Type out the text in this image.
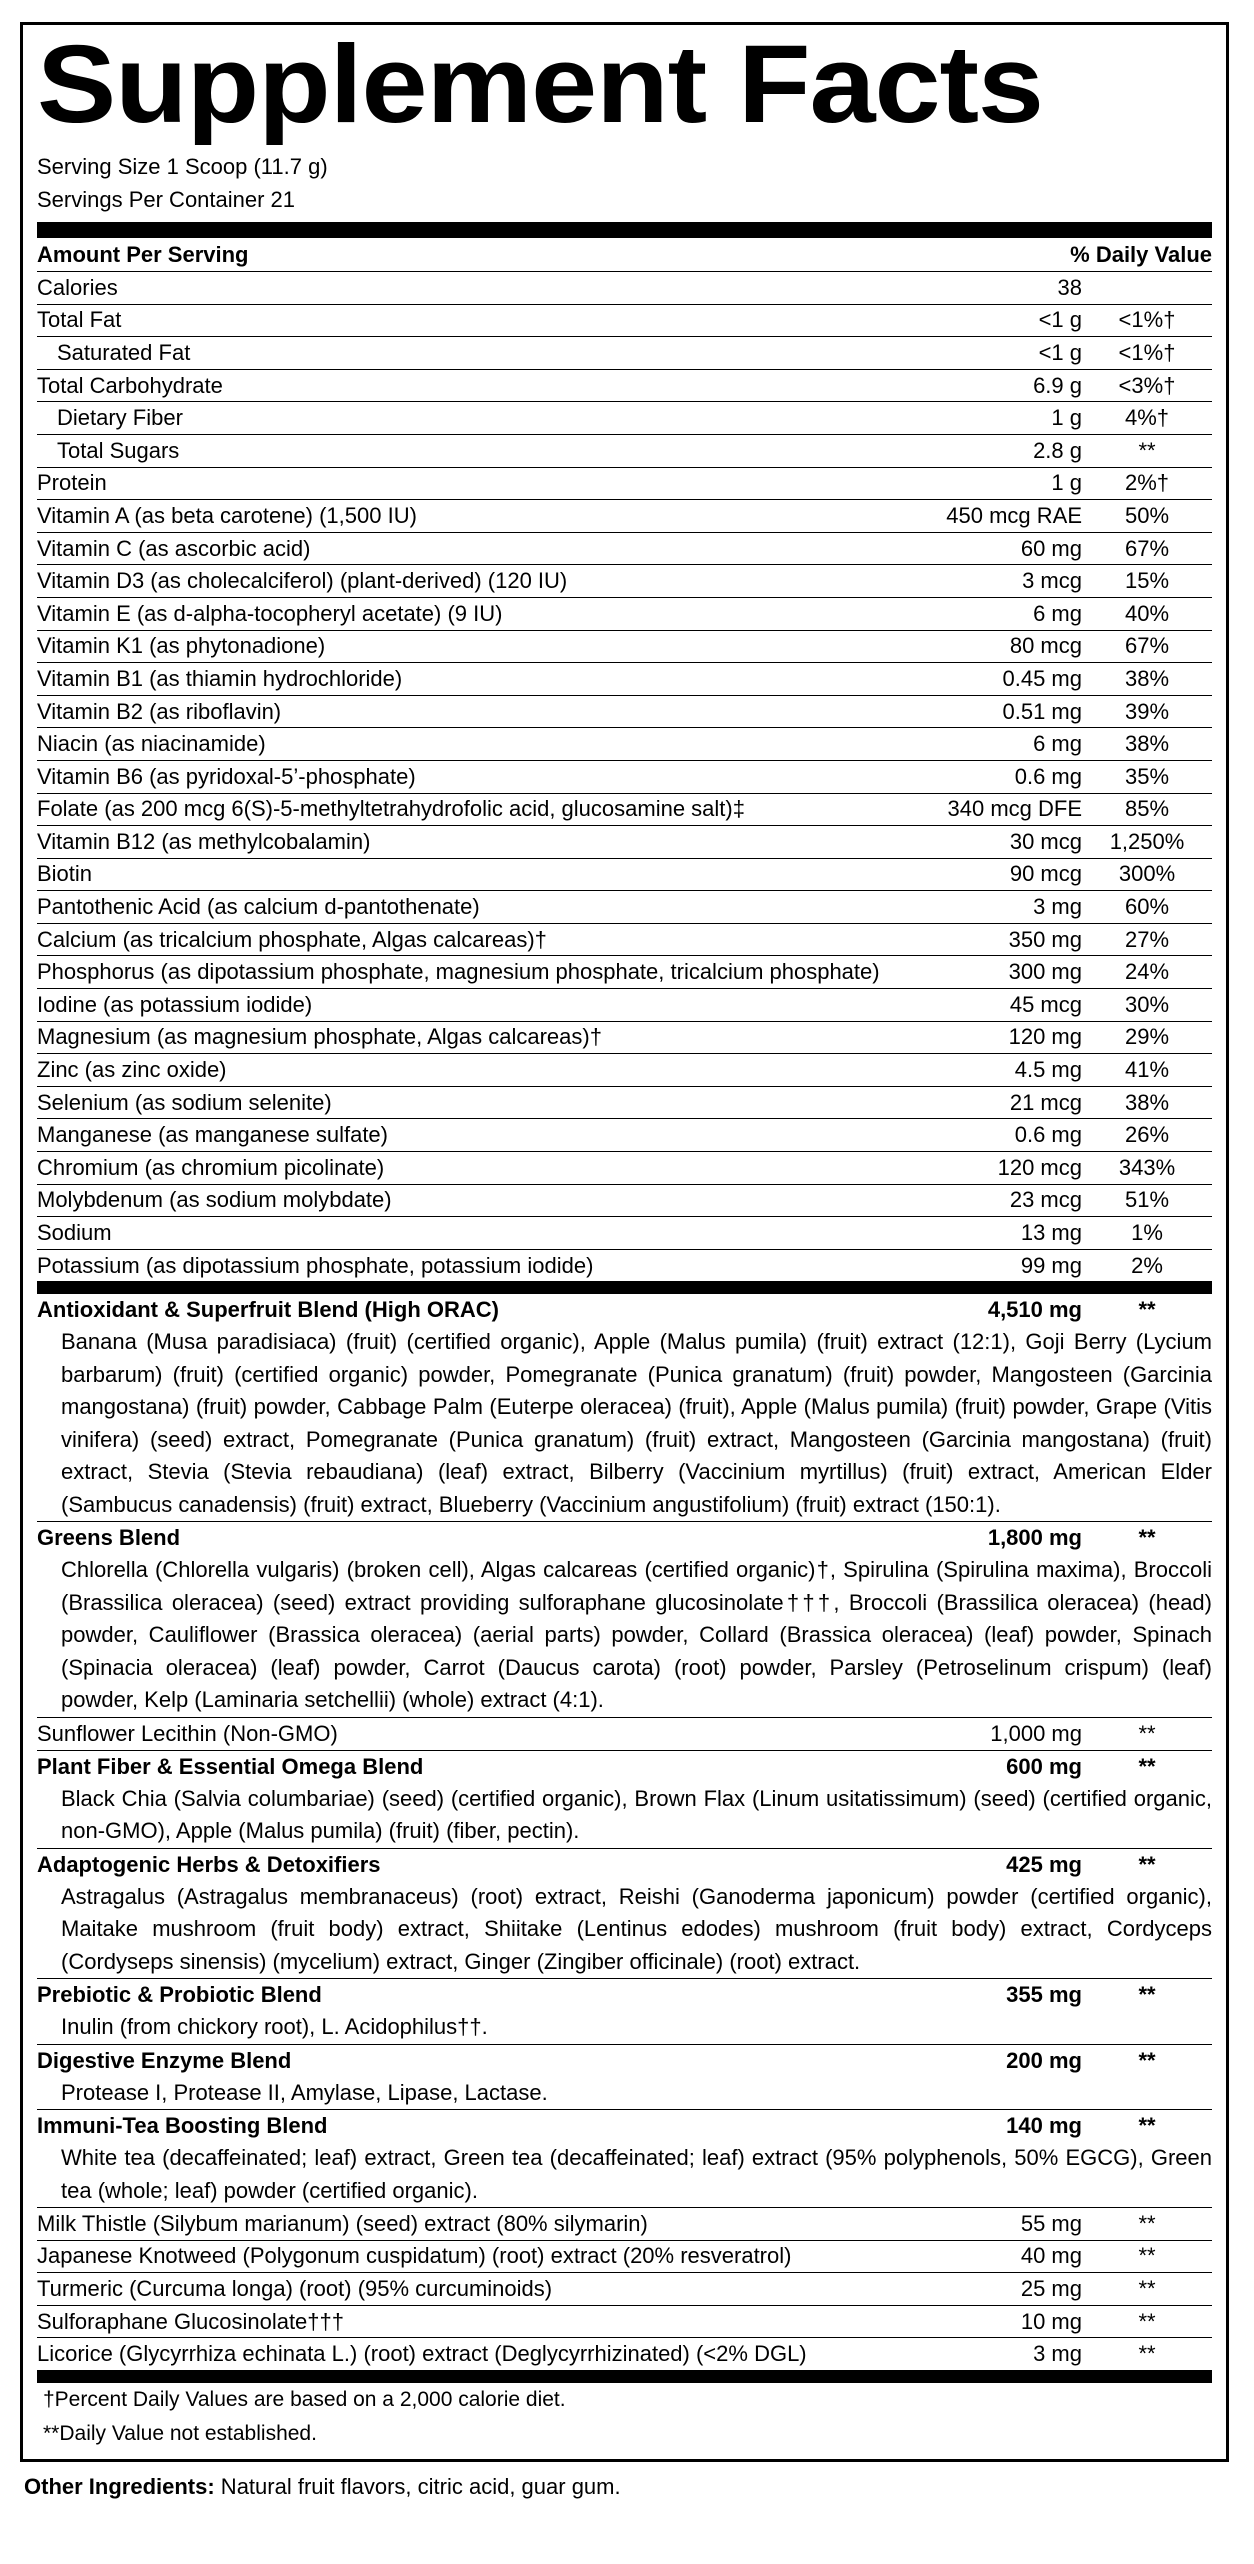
Supplement Facts
Serving Size 1 Scoop (11.7 g)
Servings Per Container 21
Amount Per Serving	% Daily Value
Calories	38
Total Fat	<1 g	<1%†
Saturated Fat	<1 g	<1%†
Total Carbohydrate	6.9 g	<3%†
Dietary Fiber	1 g	4%†
Total Sugars	2.8 g	**
Protein	1 g	2%†
Vitamin A (as beta carotene) (1,500 IU)	450 mcg RAE	50%
Vitamin C (as ascorbic acid)	60 mg	67%
Vitamin D3 (as cholecalciferol) (plant-derived) (120 IU)	3 mcg	15%
Vitamin E (as d-alpha-tocopheryl acetate) (9 IU)	6 mg	40%
Vitamin K1 (as phytonadione)	80 mcg	67%
Vitamin B1 (as thiamin hydrochloride)	0.45 mg	38%
Vitamin B2 (as riboflavin)	0.51 mg	39%
Niacin (as niacinamide)	6 mg	38%
Vitamin B6 (as pyridoxal-5’-phosphate)	0.6 mg	35%
Folate (as 200 mcg 6(S)-5-methyltetrahydrofolic acid, glucosamine salt)‡	340 mcg DFE	85%
Vitamin B12 (as methylcobalamin)	30 mcg	1,250%
Biotin	90 mcg	300%
Pantothenic Acid (as calcium d-pantothenate)	3 mg	60%
Calcium (as tricalcium phosphate, Algas calcareas)†	350 mg	27%
Phosphorus (as dipotassium phosphate, magnesium phosphate, tricalcium phosphate)	300 mg	24%
Iodine (as potassium iodide)	45 mcg	30%
Magnesium (as magnesium phosphate, Algas calcareas)†	120 mg	29%
Zinc (as zinc oxide)	4.5 mg	41%
Selenium (as sodium selenite)	21 mcg	38%
Manganese (as manganese sulfate)	0.6 mg	26%
Chromium (as chromium picolinate)	120 mcg	343%
Molybdenum (as sodium molybdate)	23 mcg	51%
Sodium	13 mg	1%
Potassium (as dipotassium phosphate, potassium iodide)	99 mg	2%
Antioxidant & Superfruit Blend (High ORAC)	4,510 mg	**
Banana (Musa paradisiaca) (fruit) (certified organic), Apple (Malus pumila) (fruit) extract (12:1), Goji Berry (Lycium barbarum) (fruit) (certified organic) powder, Pomegranate (Punica granatum) (fruit) powder, Mangosteen (Garcinia mangostana) (fruit) powder, Cabbage Palm (Euterpe oleracea) (fruit), Apple (Malus pumila) (fruit) powder, Grape (Vitis vinifera) (seed) extract, Pomegranate (Punica granatum) (fruit) extract, Mangosteen (Garcinia mangostana) (fruit) extract, Stevia (Stevia rebaudiana) (leaf) extract, Bilberry (Vaccinium myrtillus) (fruit) extract, American Elder (Sambucus canadensis) (fruit) extract, Blueberry (Vaccinium angustifolium) (fruit) extract (150:1).
Greens Blend	1,800 mg	**
Chlorella (Chlorella vulgaris) (broken cell), Algas calcareas (certified organic)†, Spirulina (Spirulina maxima), Broccoli (Brassilica oleracea) (seed) extract providing sulforaphane glucosinolate†††, Broccoli (Brassilica oleracea) (head) powder, Cauliflower (Brassica oleracea) (aerial parts) powder, Collard (Brassica oleracea) (leaf) powder, Spinach (Spinacia oleracea) (leaf) powder, Carrot (Daucus carota) (root) powder, Parsley (Petroselinum crispum) (leaf) powder, Kelp (Laminaria setchellii) (whole) extract (4:1).
Sunflower Lecithin (Non-GMO)	1,000 mg	**
Plant Fiber & Essential Omega Blend	600 mg	**
Black Chia (Salvia columbariae) (seed) (certified organic), Brown Flax (Linum usitatissimum) (seed) (certified organic, non-GMO), Apple (Malus pumila) (fruit) (fiber, pectin).
Adaptogenic Herbs & Detoxifiers	425 mg	**
Astragalus (Astragalus membranaceus) (root) extract, Reishi (Ganoderma japonicum) powder (certified organic), Maitake mushroom (fruit body) extract, Shiitake (Lentinus edodes) mushroom (fruit body) extract, Cordyceps (Cordyseps sinensis) (mycelium) extract, Ginger (Zingiber officinale) (root) extract.
Prebiotic & Probiotic Blend	355 mg	**
Inulin (from chickory root), L. Acidophilus††.
Digestive Enzyme Blend	200 mg	**
Protease I, Protease II, Amylase, Lipase, Lactase.
Immuni-Tea Boosting Blend	140 mg	**
White tea (decaffeinated; leaf) extract, Green tea (decaffeinated; leaf) extract (95% polyphenols, 50% EGCG), Green tea (whole; leaf) powder (certified organic).
Milk Thistle (Silybum marianum) (seed) extract (80% silymarin)	55 mg	**
Japanese Knotweed (Polygonum cuspidatum) (root) extract (20% resveratrol)	40 mg	**
Turmeric (Curcuma longa) (root) (95% curcuminoids)	25 mg	**
Sulforaphane Glucosinolate†††	10 mg	**
Licorice (Glycyrrhiza echinata L.) (root) extract (Deglycyrrhizinated) (<2% DGL)	3 mg	**
†Percent Daily Values are based on a 2,000 calorie diet.
**Daily Value not established.
Other Ingredients: Natural fruit flavors, citric acid, guar gum.
